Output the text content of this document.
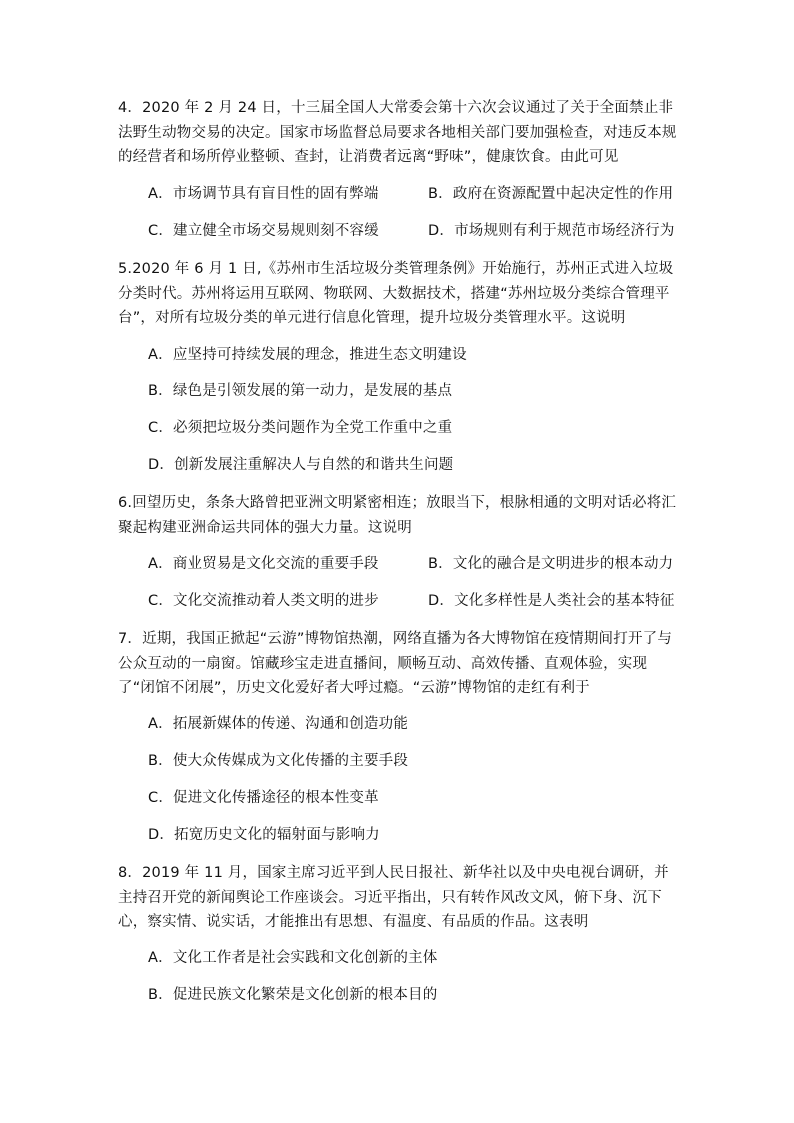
4．2020 年 2 月 24 日，十三届全国人大常委会第十六次会议通过了关于全面禁止非法野生动物交易的决定。国家市场监督总局要求各地相关部门要加强检查，对违反本规的经营者和场所停业整顿、查封，让消费者远离“野味”，健康饮食。由此可见

A．市场调节具有盲目性的固有弊端	B．政府在资源配置中起决定性的作用
C．建立健全市场交易规则刻不容缓	D．市场规则有利于规范市场经济行为

5.2020 年 6 月 1 日,《苏州市生活垃圾分类管理条例》开始施行，苏州正式进入垃圾分类时代。苏州将运用互联网、物联网、大数据技术，搭建“苏州垃圾分类综合管理平台”，对所有垃圾分类的单元进行信息化管理，提升垃圾分类管理水平。这说明

A．应坚持可持续发展的理念，推进生态文明建设
B．绿色是引领发展的第一动力，是发展的基点
C．必须把垃圾分类问题作为全党工作重中之重
D．创新发展注重解决人与自然的和谐共生问题

6.回望历史，条条大路曾把亚洲文明紧密相连；放眼当下，根脉相通的文明对话必将汇聚起构建亚洲命运共同体的强大力量。这说明

A．商业贸易是文化交流的重要手段	B．文化的融合是文明进步的根本动力
C．文化交流推动着人类文明的进步	D．文化多样性是人类社会的基本特征

7．近期，我国正掀起“云游”博物馆热潮，网络直播为各大博物馆在疫情期间打开了与公众互动的一扇窗。馆藏珍宝走进直播间，顺畅互动、高效传播、直观体验，实现了“闭馆不闭展”，历史文化爱好者大呼过瘾。“云游”博物馆的走红有利于

A．拓展新媒体的传递、沟通和创造功能
B．使大众传媒成为文化传播的主要手段
C．促进文化传播途径的根本性变革
D．拓宽历史文化的辐射面与影响力

8．2019 年 11 月，国家主席习近平到人民日报社、新华社以及中央电视台调研，并主持召开党的新闻舆论工作座谈会。习近平指出，只有转作风改文风，俯下身、沉下心，察实情、说实话，才能推出有思想、有温度、有品质的作品。这表明

A．文化工作者是社会实践和文化创新的主体
B．促进民族文化繁荣是文化创新的根本目的
